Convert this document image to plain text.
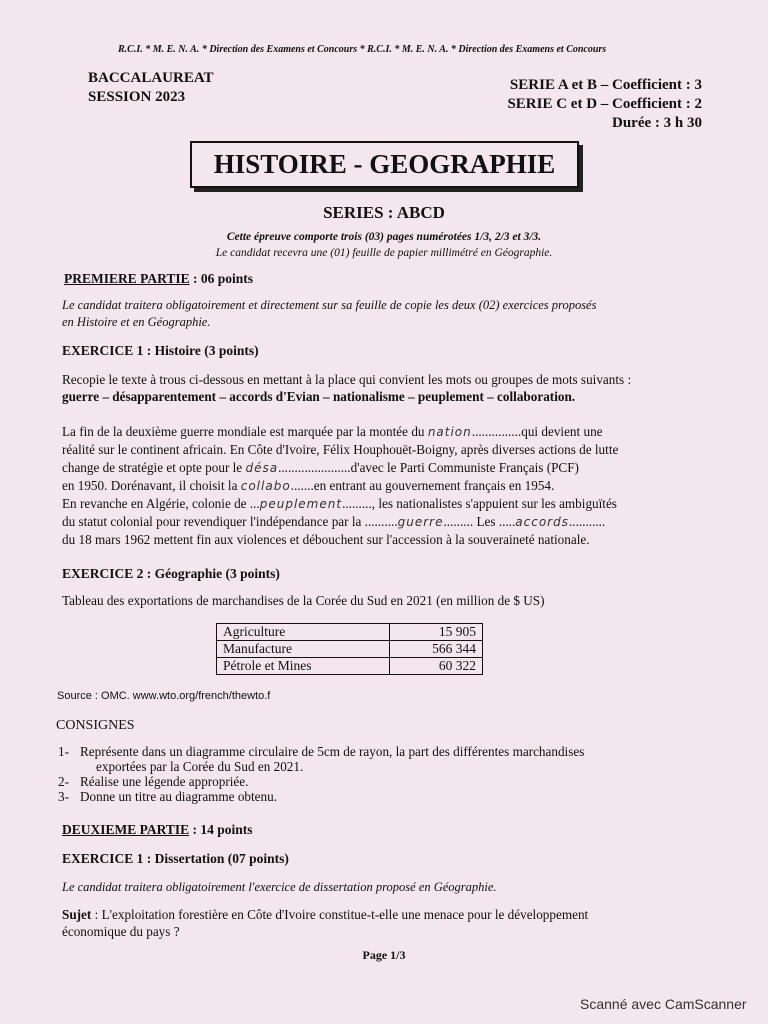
R.C.I. * M. E. N. A. * Direction des Examens et Concours * R.C.I. * M. E. N. A. * Direction des Examens et Concours
BACCALAUREAT
SESSION 2023
SERIE A et B – Coefficient : 3
SERIE C et D – Coefficient : 2
Durée : 3 h 30
HISTOIRE - GEOGRAPHIE
SERIES : ABCD
Cette épreuve comporte trois (03) pages numérotées 1/3, 2/3 et 3/3.
Le candidat recevra une (01) feuille de papier millimétré en Géographie.
PREMIERE PARTIE : 06 points
Le candidat traitera obligatoirement et directement sur sa feuille de copie les deux (02) exercices proposés
en Histoire et en Géographie.
EXERCICE 1 : Histoire (3 points)
Recopie le texte à trous ci-dessous en mettant à la place qui convient les mots ou groupes de mots suivants :
guerre – désapparentement – accords d'Evian – nationalisme – peuplement – collaboration.
La fin de la deuxième guerre mondiale est marquée par la montée du nation...............qui devient une
réalité sur le continent africain. En Côte d'Ivoire, Félix Houphouët-Boigny, après diverses actions de lutte
change de stratégie et opte pour le désa......................d'avec le Parti Communiste Français (PCF)
en 1950. Dorénavant, il choisit la collabo.......en entrant au gouvernement français en 1954.
En revanche en Algérie, colonie de ...peuplement........., les nationalistes s'appuient sur les ambiguïtés
du statut colonial pour revendiquer l'indépendance par la ..........guerre......... Les .....accords...........
du 18 mars 1962 mettent fin aux violences et débouchent sur l'accession à la souveraineté nationale.
EXERCICE 2 : Géographie (3 points)
Tableau des exportations de marchandises de la Corée du Sud en 2021 (en million de $ US)
Agriculture	15 905
Manufacture	566 344
Pétrole et Mines	60 322
Source : OMC. www.wto.org/french/thewto.f
CONSIGNES
1- Représente dans un diagramme circulaire de 5cm de rayon, la part des différentes marchandises
exportées par la Corée du Sud en 2021.
2- Réalise une légende appropriée.
3- Donne un titre au diagramme obtenu.
DEUXIEME PARTIE : 14 points
EXERCICE 1 : Dissertation (07 points)
Le candidat traitera obligatoirement l'exercice de dissertation proposé en Géographie.
Sujet : L'exploitation forestière en Côte d'Ivoire constitue-t-elle une menace pour le développement
économique du pays ?
Page 1/3
Scanné avec CamScanner
